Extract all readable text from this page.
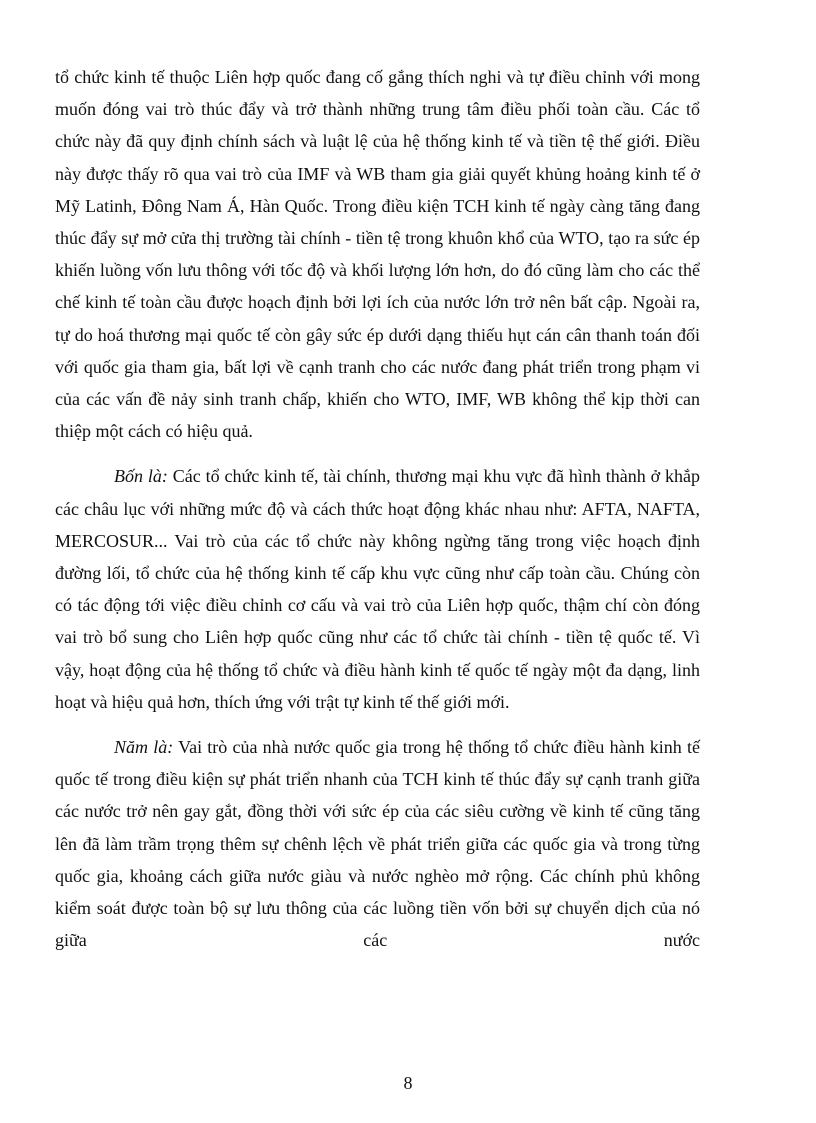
tổ chức kinh tế thuộc Liên hợp quốc đang cố gắng thích nghi và tự điều chỉnh với mong muốn đóng vai trò thúc đẩy và trở thành những trung tâm điều phối toàn cầu. Các tổ chức này đã quy định chính sách và luật lệ của hệ thống kinh tế và tiền tệ thế giới. Điều này được thấy rõ qua vai trò của IMF và WB tham gia giải quyết khủng hoảng kinh tế ở Mỹ Latinh, Đông Nam Á, Hàn Quốc. Trong điều kiện TCH kinh tế ngày càng tăng đang thúc đẩy sự mở cửa thị trường tài chính - tiền tệ trong khuôn khổ của WTO, tạo ra sức ép khiến luồng vốn lưu thông với tốc độ và khối lượng lớn hơn, do đó cũng làm cho các thể chế kinh tế toàn cầu được hoạch định bởi lợi ích của nước lớn trở nên bất cập. Ngoài ra, tự do hoá thương mại quốc tế còn gây sức ép dưới dạng thiếu hụt cán cân thanh toán đối với quốc gia tham gia, bất lợi về cạnh tranh cho các nước đang phát triển trong phạm vi của các vấn đề nảy sinh tranh chấp, khiến cho WTO, IMF, WB không thể kịp thời can thiệp một cách có hiệu quả.

Bốn là: Các tổ chức kinh tế, tài chính, thương mại khu vực đã hình thành ở khắp các châu lục với những mức độ và cách thức hoạt động khác nhau như: AFTA, NAFTA, MERCOSUR... Vai trò của các tổ chức này không ngừng tăng trong việc hoạch định đường lối, tổ chức của hệ thống kinh tế cấp khu vực cũng như cấp toàn cầu. Chúng còn có tác động tới việc điều chỉnh cơ cấu và vai trò của Liên hợp quốc, thậm chí còn đóng vai trò bổ sung cho Liên hợp quốc cũng như các tổ chức tài chính - tiền tệ quốc tế. Vì vậy, hoạt động của hệ thống tổ chức và điều hành kinh tế quốc tế ngày một đa dạng, linh hoạt và hiệu quả hơn, thích ứng với trật tự kinh tế thế giới mới.

Năm là: Vai trò của nhà nước quốc gia trong hệ thống tổ chức điều hành kinh tế quốc tế trong điều kiện sự phát triển nhanh của TCH kinh tế thúc đẩy sự cạnh tranh giữa các nước trở nên gay gắt, đồng thời với sức ép của các siêu cường về kinh tế cũng tăng lên đã làm trầm trọng thêm sự chênh lệch về phát triển giữa các quốc gia và trong từng quốc gia, khoảng cách giữa nước giàu và nước nghèo mở rộng. Các chính phủ không kiểm soát được toàn bộ sự lưu thông của các luồng tiền vốn bởi sự chuyển dịch của nó giữa các nước

8
